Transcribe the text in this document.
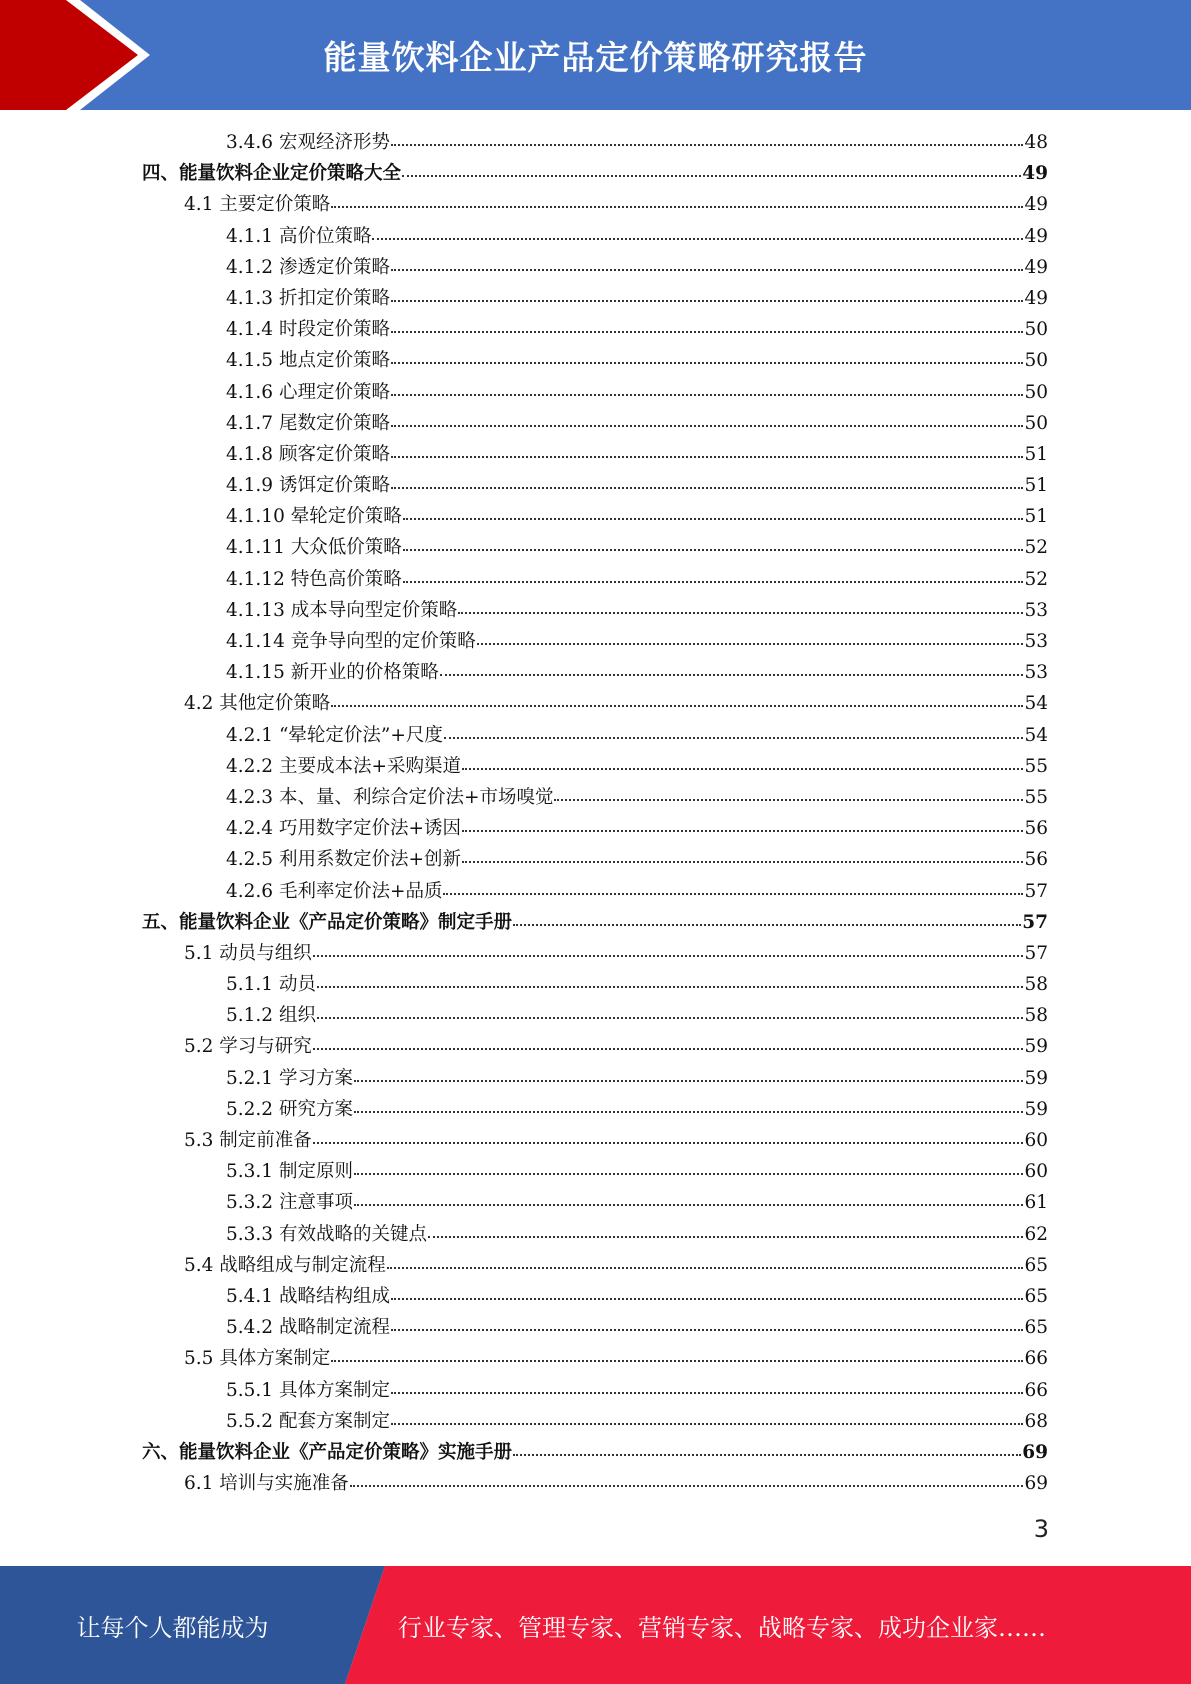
能量饮料企业产品定价策略研究报告
3.4.6 宏观经济形势	48
四、能量饮料企业定价策略大全	49
4.1 主要定价策略	49
4.1.1 高价位策略	49
4.1.2 渗透定价策略	49
4.1.3 折扣定价策略	49
4.1.4 时段定价策略	50
4.1.5 地点定价策略	50
4.1.6 心理定价策略	50
4.1.7 尾数定价策略	50
4.1.8 顾客定价策略	51
4.1.9 诱饵定价策略	51
4.1.10 晕轮定价策略	51
4.1.11 大众低价策略	52
4.1.12 特色高价策略	52
4.1.13 成本导向型定价策略	53
4.1.14 竞争导向型的定价策略	53
4.1.15 新开业的价格策略	53
4.2 其他定价策略	54
4.2.1 “晕轮定价法”+尺度	54
4.2.2 主要成本法+采购渠道	55
4.2.3 本、量、利综合定价法+市场嗅觉	55
4.2.4 巧用数字定价法+诱因	56
4.2.5 利用系数定价法+创新	56
4.2.6 毛利率定价法+品质	57
五、能量饮料企业《产品定价策略》制定手册	57
5.1 动员与组织	57
5.1.1 动员	58
5.1.2 组织	58
5.2 学习与研究	59
5.2.1 学习方案	59
5.2.2 研究方案	59
5.3 制定前准备	60
5.3.1 制定原则	60
5.3.2 注意事项	61
5.3.3 有效战略的关键点	62
5.4 战略组成与制定流程	65
5.4.1 战略结构组成	65
5.4.2 战略制定流程	65
5.5 具体方案制定	66
5.5.1 具体方案制定	66
5.5.2 配套方案制定	68
六、能量饮料企业《产品定价策略》实施手册	69
6.1 培训与实施准备	69
3
让每个人都能成为	行业专家、管理专家、营销专家、战略专家、成功企业家……
